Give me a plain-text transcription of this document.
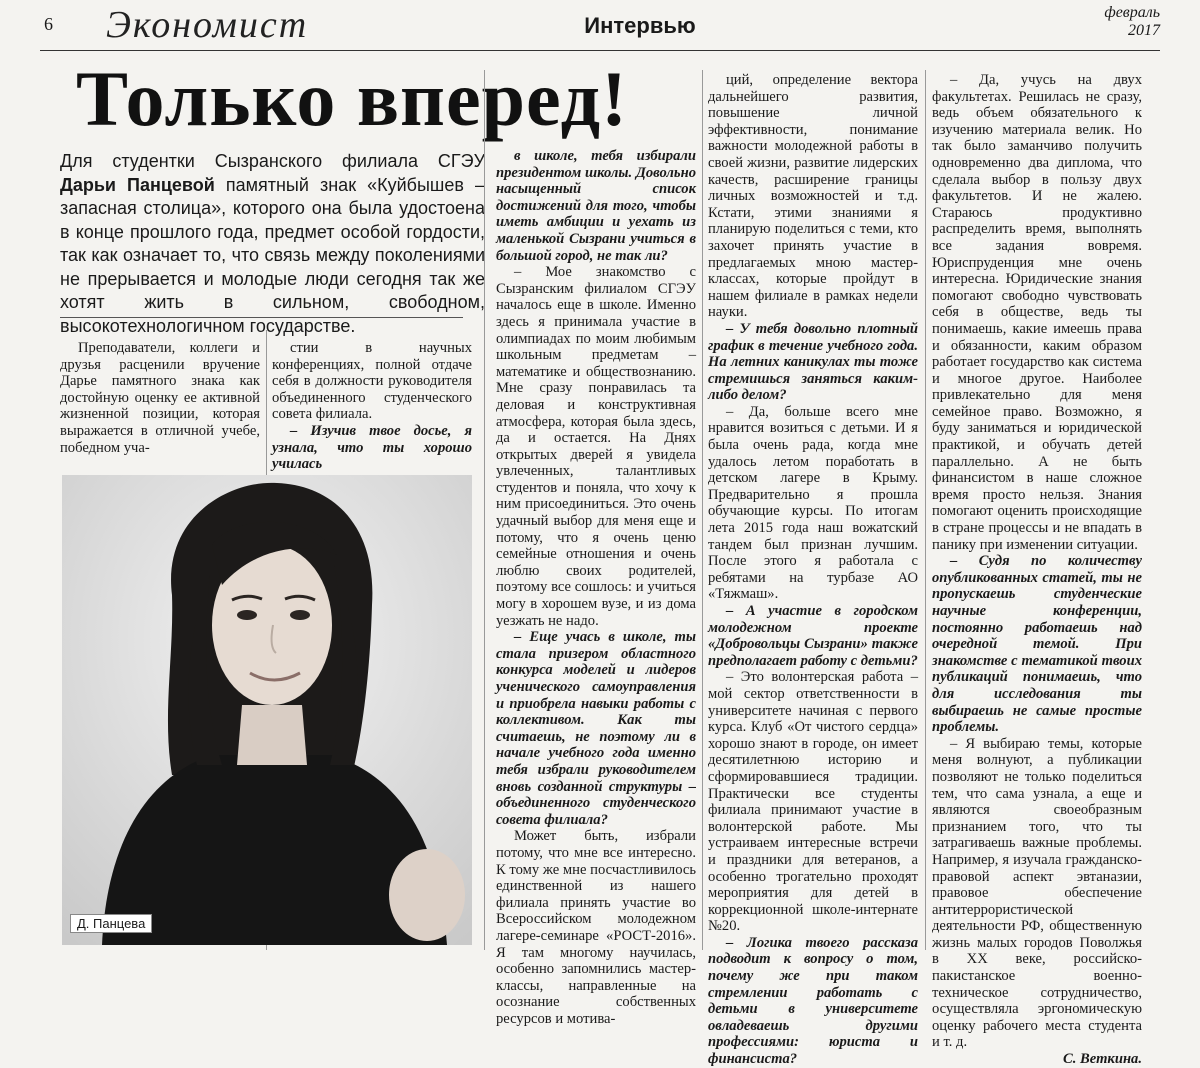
6 Экономист	Интервью
февраль
2017
Только вперед!
Для студентки Сызранского филиала СГЭУ Дарьи Панцевой памятный знак «Куйбышев – запасная столица», которого она была удостоена в конце прошлого года, предмет особой гордости, так как означает то, что связь между поколениями не прерывается и молодые люди сегодня так же хотят жить в сильном, свободном, высокотехнологичном государстве.

Преподаватели, коллеги и друзья расценили вручение Дарье памятного знака как достойную оценку ее активной жизненной позиции, которая выражается в отличной учебе, победном уча-

стии в научных конференциях, полной отдаче себя в должности руководителя объединенного студенческого совета филиала.

– Изучив твое досье, я узнала, что ты хорошо училась

в школе, тебя избирали президентом школы. Довольно насыщенный список достижений для того, чтобы иметь амбиции и уехать из маленькой Сызрани учиться в большой город, не так ли?

– Мое знакомство с Сызранским филиалом СГЭУ началось еще в школе. Именно здесь я принимала участие в олимпиадах по моим любимым школьным предметам – математике и обществознанию. Мне сразу понравилась та деловая и конструктивная атмосфера, которая была здесь, да и остается. На Днях открытых дверей я увидела увлеченных, талантливых студентов и поняла, что хочу к ним присоединиться. Это очень удачный выбор для меня еще и потому, что я очень ценю семейные отношения и очень люблю своих родителей, поэтому все сошлось: и учиться могу в хорошем вузе, и из дома уезжать не надо.

– Еще учась в школе, ты стала призером областного конкурса моделей и лидеров ученического самоуправления и приобрела навыки работы с коллективом. Как ты считаешь, не поэтому ли в начале учебного года именно тебя избрали руководителем вновь созданной структуры – объединенного студенческого совета филиала?

Может быть, избрали потому, что мне все интересно. К тому же мне посчастливилось единственной из нашего филиала принять участие во Всероссийском молодежном лагере-семинаре «РОСТ-2016». Я там многому научилась, особенно запомнились мастер-классы, направленные на осознание собственных ресурсов и мотива-

ций, определение вектора дальнейшего развития, повышение личной эффективности, понимание важности молодежной работы в своей жизни, развитие лидерских качеств, расширение границы личных возможностей и т.д. Кстати, этими знаниями я планирую поделиться с теми, кто захочет принять участие в предлагаемых мною мастер-классах, которые пройдут в нашем филиале в рамках недели науки.

– У тебя довольно плотный график в течение учебного года. На летних каникулах ты тоже стремишься заняться каким-либо делом?

– Да, больше всего мне нравится возиться с детьми. И я была очень рада, когда мне удалось летом поработать в детском лагере в Крыму. Предварительно я прошла обучающие курсы. По итогам лета 2015 года наш вожатский тандем был признан лучшим. После этого я работала с ребятами на турбазе АО «Тяжмаш».

– А участие в городском молодежном проекте «Добровольцы Сызрани» также предполагает работу с детьми?

– Это волонтерская работа – мой сектор ответственности в университете начиная с первого курса. Клуб «От чистого сердца» хорошо знают в городе, он имеет десятилетнюю историю и сформировавшиеся традиции. Практически все студенты филиала принимают участие в волонтерской работе. Мы устраиваем интересные встречи и праздники для ветеранов, а особенно трогательно проходят мероприятия для детей в коррекционной школе-интернате №20.

– Логика твоего рассказа подводит к вопросу о том, почему же при таком стремлении работать с детьми в университете овладеваешь другими профессиями: юриста и финансиста?

– Да, учусь на двух факультетах. Решилась не сразу, ведь объем обязательного к изучению материала велик. Но так было заманчиво получить одновременно два диплома, что сделала выбор в пользу двух факультетов. И не жалею. Стараюсь продуктивно распределить время, выполнять все задания вовремя. Юриспруденция мне очень интересна. Юридические знания помогают свободно чувствовать себя в обществе, ведь ты понимаешь, какие имеешь права и обязанности, каким образом работает государство как система и многое другое. Наиболее привлекательно для меня семейное право. Возможно, я буду заниматься и юридической практикой, и обучать детей параллельно. А не быть финансистом в наше сложное время просто нельзя. Знания помогают оценить происходящие в стране процессы и не впадать в панику при изменении ситуации.

– Судя по количеству опубликованных статей, ты не пропускаешь студенческие научные конференции, постоянно работаешь над очередной темой. При знакомстве с тематикой твоих публикаций понимаешь, что для исследования ты выбираешь не самые простые проблемы.

– Я выбираю темы, которые меня волнуют, а публикации позволяют не только поделиться тем, что сама узнала, а еще и являются своеобразным признанием того, что ты затрагиваешь важные проблемы. Например, я изучала гражданско-правовой аспект эвтаназии, правовое обеспечение антитеррористической деятельности РФ, общественную жизнь малых городов Поволжья в XX веке, российско-пакистанское военно-техническое сотрудничество, осуществляла эргономическую оценку рабочего места студента и т. д.

С. Веткина.

Д. Панцева
